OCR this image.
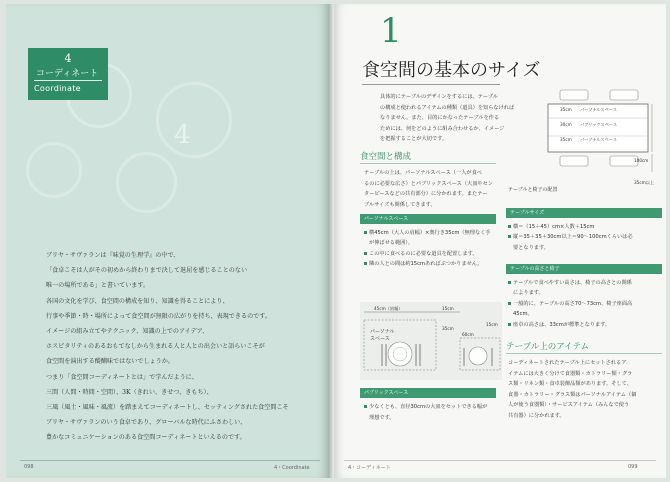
4
コーディネート
Coordinate
4
ブリヤ・サヴァランは『味覚の生理学』の中で、
「食卓こそは人がその初めから終わりまで決して退屈を感じることのない
唯一の場所である」と書いています。
各国の文化を学び、食空間の構成を知り、知識を得ることにより、
行事や季節・時・場所によって食空間が無限の広がりを持ち、表現できるのです。
イメージの組み立てやテクニック、知識の上でのアイデア、
ホスピタリティのあるおもてなしから生まれる人と人との出会いと語らいこそが
食空間を演出する醍醐味ではないでしょうか。
つまり「食空間コーディネートとは」で学んだように、
三間（人間・時間・空間）、3K（きれい、きせつ、きもち）、
三風（風土・風味・風流）を踏まえてコーディネートし、セッティングされた食空間こそ
ブリヤ・サヴァランのいう食卓であり、グローバルな時代にふさわしい、
豊かなコミュニケーションのある食空間コーディネートといえるのです。
098	4・Coordinate
1
食空間の基本のサイズ
具体的にテーブルのデザインをするには、テーブル
の構成と使われるアイテムの種類（道具）を知らなければ
なりません。また、目的にかなったテーブルを作る
ためには、何をどのように組み合わせるか、イメージ
を把握することが大切です。
35cm
30cm
35cm
パーソナルスペース
パブリックスペース
パーソナルスペース
100cm
35cm以上
テーブルと椅子の配置
食空間と構成
テーブルの上は、パーソナルスペース（一人が食べ
るのに必要な広さ）とパブリックスペース（大皿やセン
ターピースなどの共有部分）に分かれます。またテー
ブルサイズも関係してきます。
パーソナルスペース
横45cm（大人の肩幅）×奥行き35cm（無理なく手
が伸ばせる範囲）。
この中に食べるのに必要な道具を配置します。
隣の人との間は約15cmあればぶつかりません。
45cm（肩幅）	15cm
35cm
60cm
15cm
パーソナル
スペース
パブリックスペース
少なくとも、直径30cmの大皿をセットできる幅が
理想です。
テーブルサイズ
横＝（15＋45）cm×人数＋15cm
縦＝35＋35＋30cm以上＝90〜100cmくらいは必
要となります。
テーブルの高さと椅子
テーブルで食べやすい高さは、椅子の高さとの関係
によります。
一般的に、テーブルの高さ70〜73cm、椅子座面高
45cm。
座卓の高さは、33cmが標準となります。
テーブル上のアイテム
コーディネートされたテーブル上にセットされるア
イテムには大きく分けて食器類・カトラリー類・グラ
ス類・リネン類・食卓装飾品類があります。そして、
食器・カトラリー・グラス類はパーソナルアイテム（個
人が使う食器類）・サービスアイテム（みんなで使う
共有器）に分かれます。
4・コーディネート	099
